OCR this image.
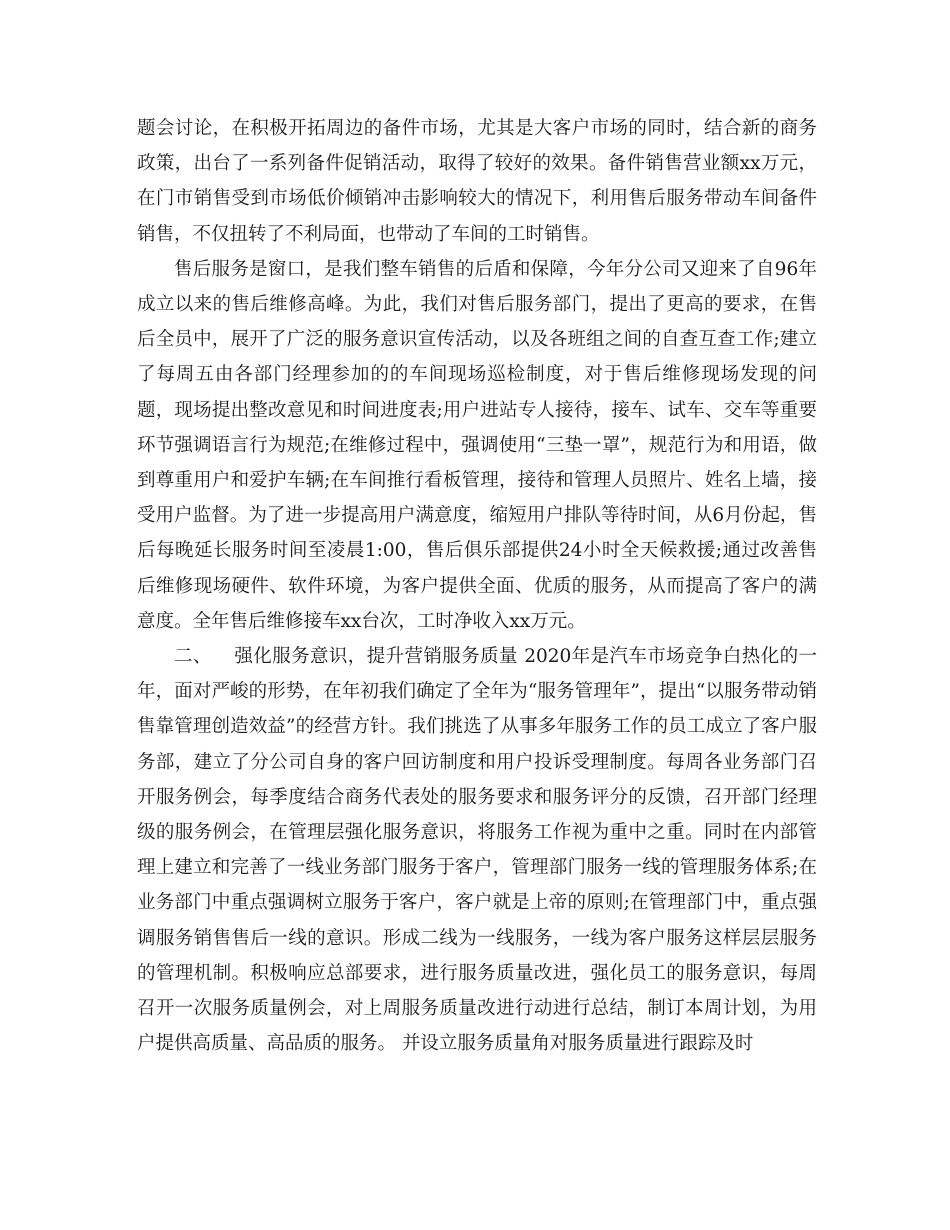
题会讨论，在积极开拓周边的备件市场，尤其是大客户市场的同时，结合新的商务政策，出台了一系列备件促销活动，取得了较好的效果。备件销售营业额xx万元，在门市销售受到市场低价倾销冲击影响较大的情况下，利用售后服务带动车间备件销售，不仅扭转了不利局面，也带动了车间的工时销售。

售后服务是窗口，是我们整车销售的后盾和保障，今年分公司又迎来了自96年成立以来的售后维修高峰。为此，我们对售后服务部门，提出了更高的要求，在售后全员中，展开了广泛的服务意识宣传活动，以及各班组之间的自查互查工作;建立了每周五由各部门经理参加的的车间现场巡检制度，对于售后维修现场发现的问题，现场提出整改意见和时间进度表;用户进站专人接待，接车、试车、交车等重要环节强调语言行为规范;在维修过程中，强调使用“三垫一罩”，规范行为和用语，做到尊重用户和爱护车辆;在车间推行看板管理，接待和管理人员照片、姓名上墙，接受用户监督。为了进一步提高用户满意度，缩短用户排队等待时间，从6月份起，售后每晚延长服务时间至凌晨1:00，售后俱乐部提供24小时全天候救援;通过改善售后维修现场硬件、软件环境，为客户提供全面、优质的服务，从而提高了客户的满意度。全年售后维修接车xx台次，工时净收入xx万元。

二、 强化服务意识，提升营销服务质量 2020年是汽车市场竞争白热化的一年，面对严峻的形势，在年初我们确定了全年为“服务管理年”，提出“以服务带动销售靠管理创造效益”的经营方针。我们挑选了从事多年服务工作的员工成立了客户服务部，建立了分公司自身的客户回访制度和用户投诉受理制度。每周各业务部门召开服务例会，每季度结合商务代表处的服务要求和服务评分的反馈，召开部门经理级的服务例会，在管理层强化服务意识，将服务工作视为重中之重。同时在内部管理上建立和完善了一线业务部门服务于客户，管理部门服务一线的管理服务体系;在业务部门中重点强调树立服务于客户，客户就是上帝的原则;在管理部门中，重点强调服务销售售后一线的意识。形成二线为一线服务，一线为客户服务这样层层服务的管理机制。积极响应总部要求，进行服务质量改进，强化员工的服务意识，每周召开一次服务质量例会，对上周服务质量改进行动进行总结，制订本周计划，为用户提供高质量、高品质的服务。 并设立服务质量角对服务质量进行跟踪及时
